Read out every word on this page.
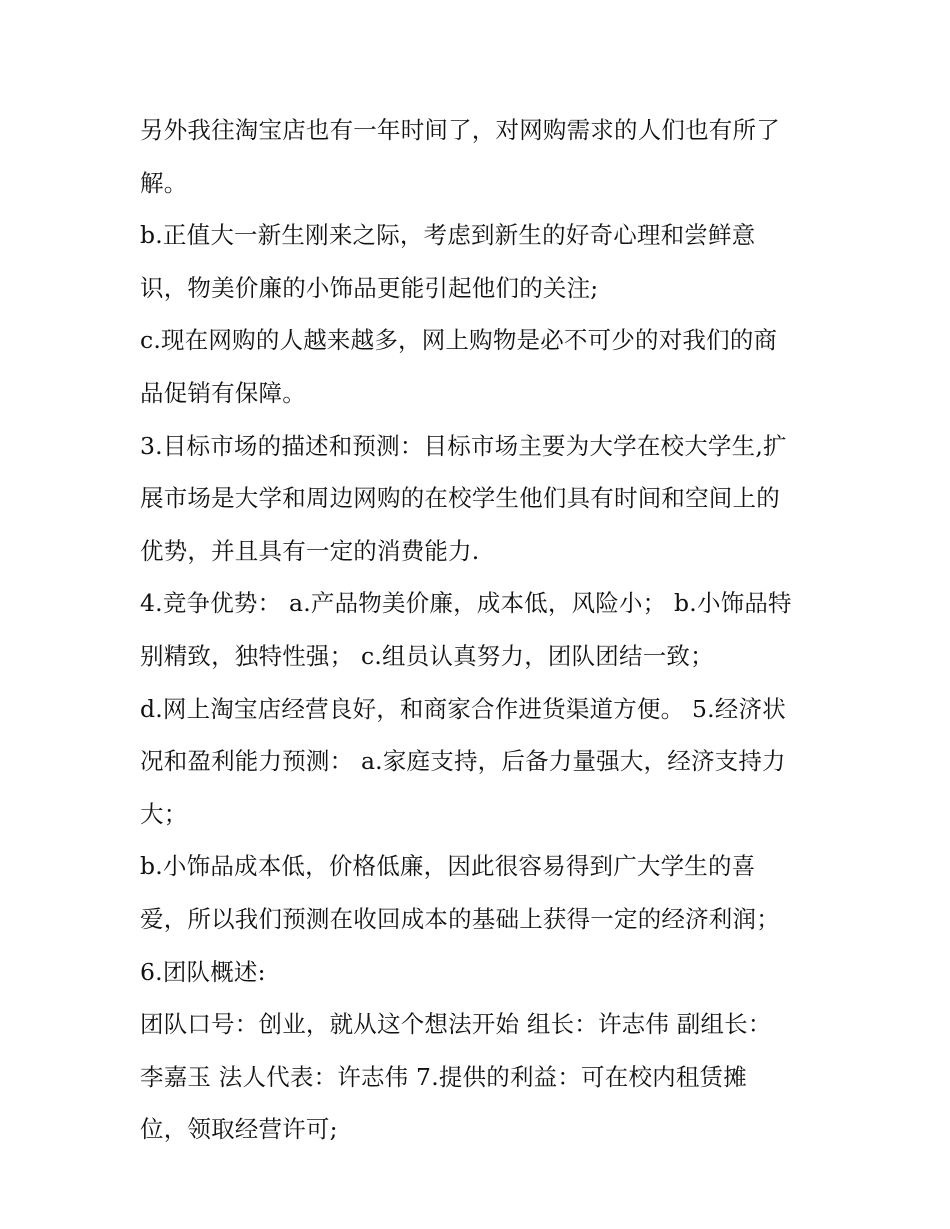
另外我往淘宝店也有一年时间了，对网购需求的人们也有所了
解。
b.正值大一新生刚来之际，考虑到新生的好奇心理和尝鲜意
识，物美价廉的小饰品更能引起他们的关注;
c.现在网购的人越来越多，网上购物是必不可少的对我们的商
品促销有保障。
3.目标市场的描述和预测：目标市场主要为大学在校大学生,扩
展市场是大学和周边网购的在校学生他们具有时间和空间上的
优势，并且具有一定的消费能力.
4.竞争优势： a.产品物美价廉，成本低，风险小； b.小饰品特
别精致，独特性强； c.组员认真努力，团队团结一致；
d.网上淘宝店经营良好，和商家合作进货渠道方便。 5.经济状
况和盈利能力预测： a.家庭支持，后备力量强大，经济支持力
大；
b.小饰品成本低，价格低廉，因此很容易得到广大学生的喜
爱，所以我们预测在收回成本的基础上获得一定的经济利润；
6.团队概述:
团队口号：创业，就从这个想法开始 组长：许志伟 副组长：
李嘉玉 法人代表：许志伟 7.提供的利益：可在校内租赁摊
位，领取经营许可;
